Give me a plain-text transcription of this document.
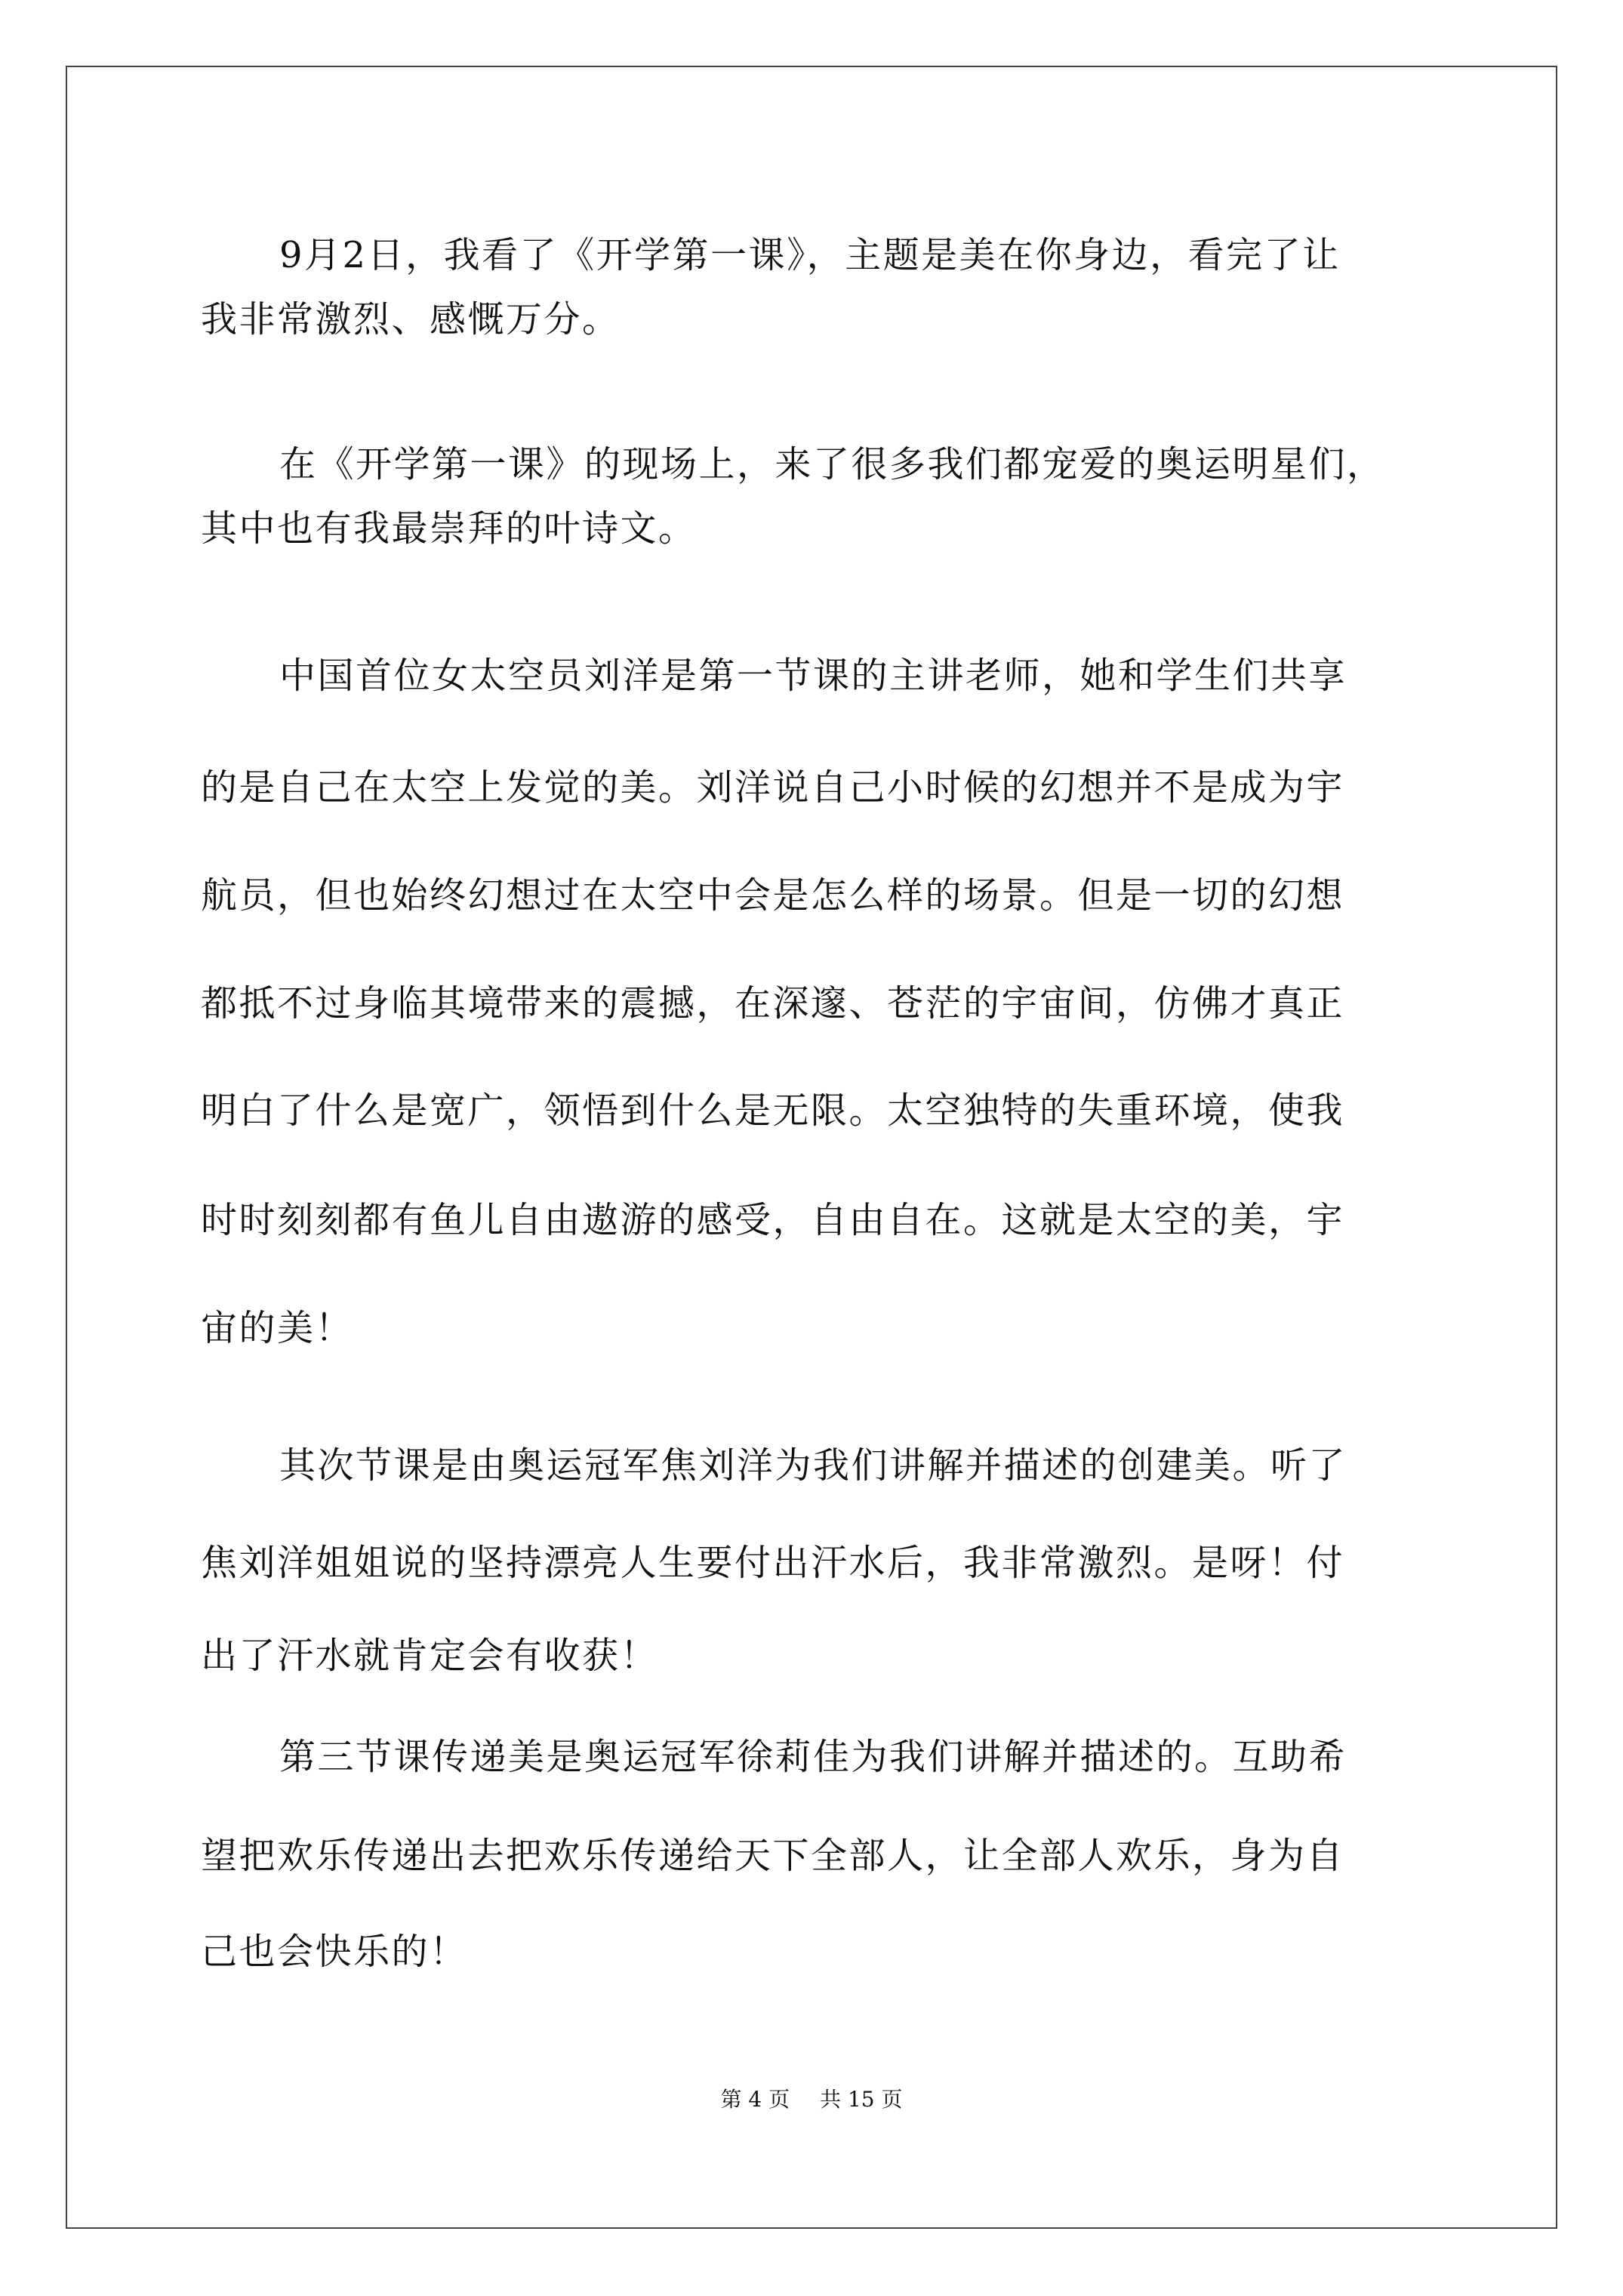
9月2日，我看了《开学第一课》，主题是美在你身边，看完了让
我非常激烈、感慨万分。
在《开学第一课》的现场上，来了很多我们都宠爱的奥运明星们，
其中也有我最崇拜的叶诗文。
中国首位女太空员刘洋是第一节课的主讲老师，她和学生们共享
的是自己在太空上发觉的美。刘洋说自己小时候的幻想并不是成为宇
航员，但也始终幻想过在太空中会是怎么样的场景。但是一切的幻想
都抵不过身临其境带来的震撼，在深邃、苍茫的宇宙间，仿佛才真正
明白了什么是宽广，领悟到什么是无限。太空独特的失重环境，使我
时时刻刻都有鱼儿自由遨游的感受，自由自在。这就是太空的美，宇
宙的美！
其次节课是由奥运冠军焦刘洋为我们讲解并描述的创建美。听了
焦刘洋姐姐说的坚持漂亮人生要付出汗水后，我非常激烈。是呀！付
出了汗水就肯定会有收获！
第三节课传递美是奥运冠军徐莉佳为我们讲解并描述的。互助希
望把欢乐传递出去把欢乐传递给天下全部人，让全部人欢乐，身为自
己也会快乐的！
第 4 页 共 15 页
